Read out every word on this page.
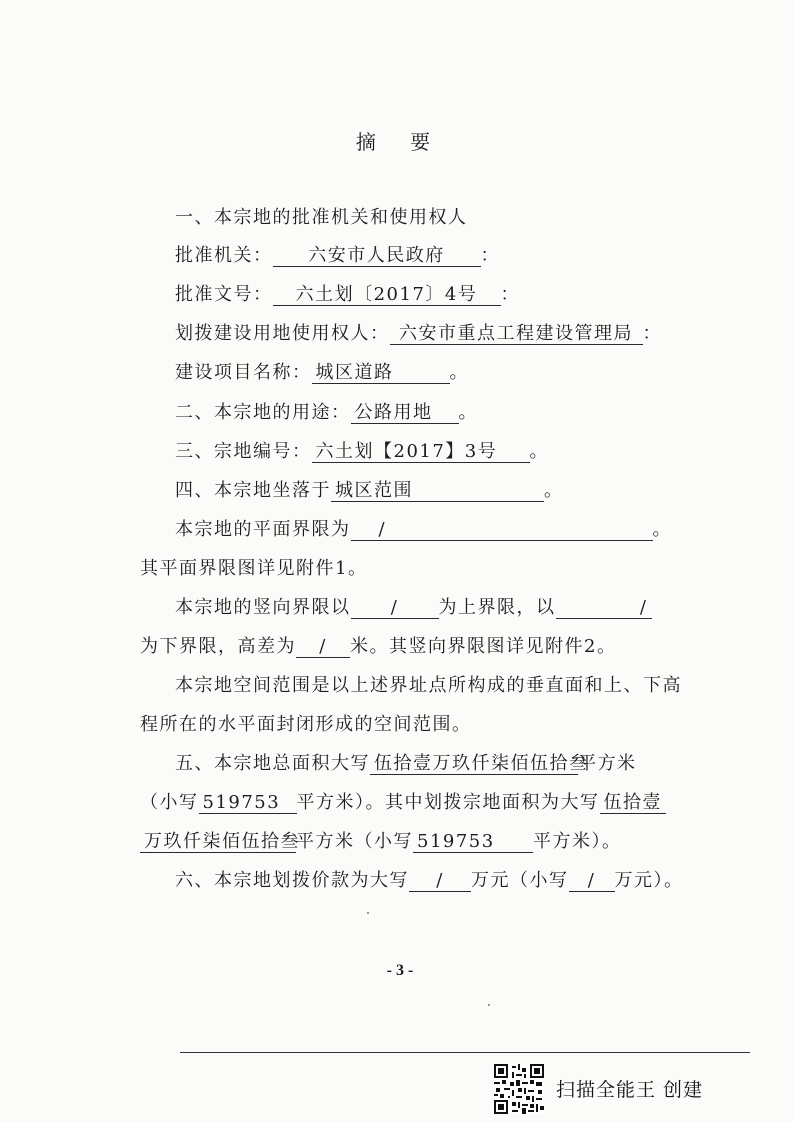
摘 要
一、本宗地的批准机关和使用权人
批准机关： 六安市人民政府 ：
批准文号： 六土划〔2017〕4号 ：
划拨建设用地使用权人： 六安市重点工程建设管理局 ：
建设项目名称： 城区道路	。
二、本宗地的用途： 公路用地 。
三、宗地编号： 六土划【2017】3号 。
四、本宗地坐落于 城区范围	。
本宗地的平面界限为 /	。
其平面界限图详见附件1。
本宗地的竖向界限以 / 为上界限，以	/
为下界限，高差为 / 米。其竖向界限图详见附件2。
本宗地空间范围是以上述界址点所构成的垂直面和上、下高
程所在的水平面封闭形成的空间范围。
五、本宗地总面积大写 伍拾壹万玖仟柒佰伍拾叁平方米
（小写 519753 平方米）。其中划拨宗地面积为大写 伍拾壹
万玖仟柒佰伍拾叁平方米（小写 519753 平方米）。
六、本宗地划拨价款为大写 / 万元（小写 / 万元）。
- 3 -
扫描全能王 创建
